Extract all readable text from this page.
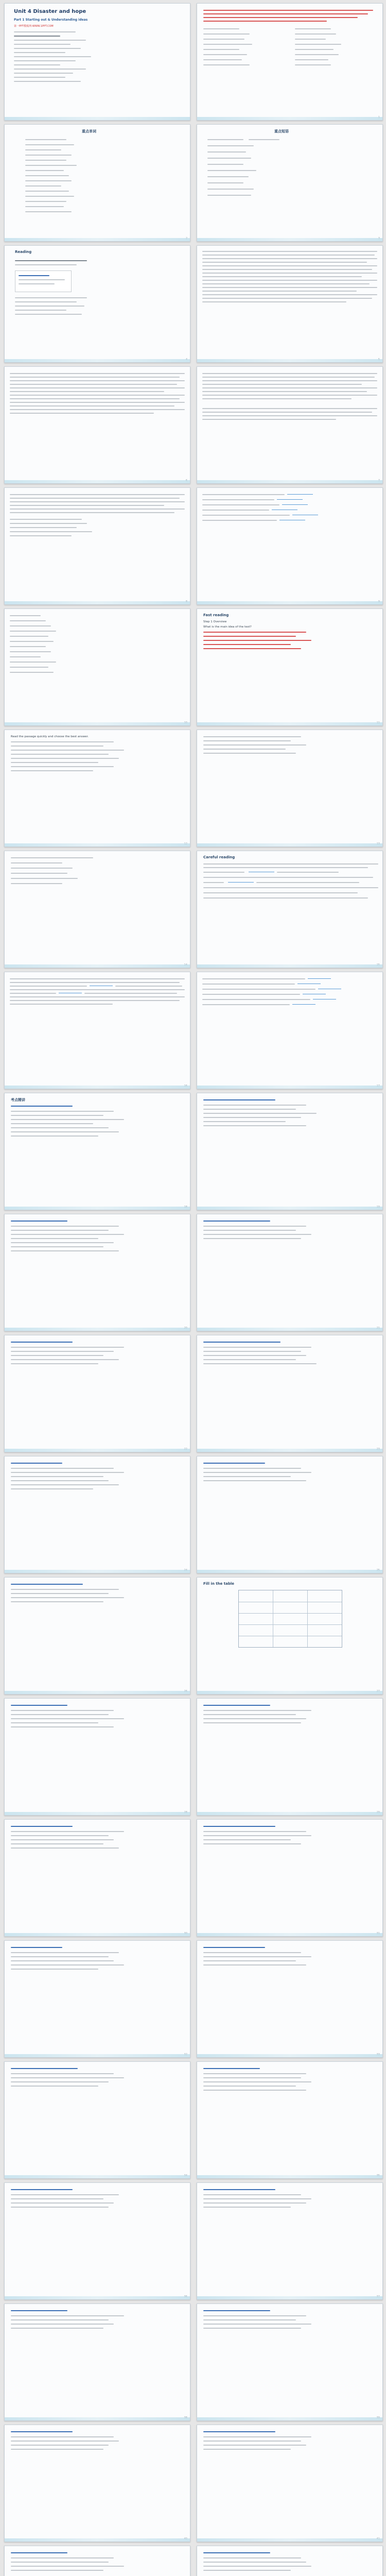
Unit 4 Disaster and hope
Part 1 Starting out & Understanding ideas
第一PPT模板网-WWW.1PPT.COM
重点单词	重点短语
Reading
Fast reading
Step 1 Overview
What is the main idea of the text?
Read the passage quickly and choose the best answer.
Careful reading
考点精讲
Fill in the table
